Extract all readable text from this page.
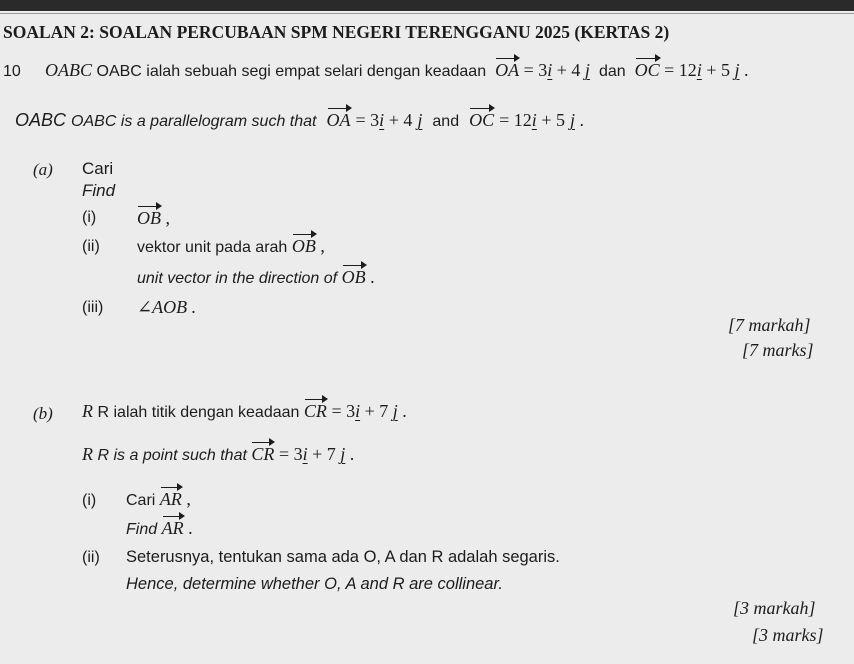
SOALAN 2: SOALAN PERCUBAAN SPM NEGERI TERENGGANU 2025 (KERTAS 2)
10 OABC OABC ialah sebuah segi empat selari dengan keadaan OA = 3i + 4 j dan OC = 12i + 5 j .
OABC OABC is a parallelogram such that OA = 3i + 4 j and OC = 12i + 5 j .
(a) Cari
Find
(i) OB ,
(ii) vektor unit pada arah OB ,
unit vector in the direction of OB .
(iii) ∠AOB .
[7 markah]
[7 marks]
(b) R R ialah titik dengan keadaan CR = 3i + 7 j .
R R is a point such that CR = 3i + 7 j .
(i) Cari AR ,
Find AR .
(ii) Seterusnya, tentukan sama ada O, A dan R adalah segaris.
Hence, determine whether O, A and R are collinear.
[3 markah]
[3 marks]
